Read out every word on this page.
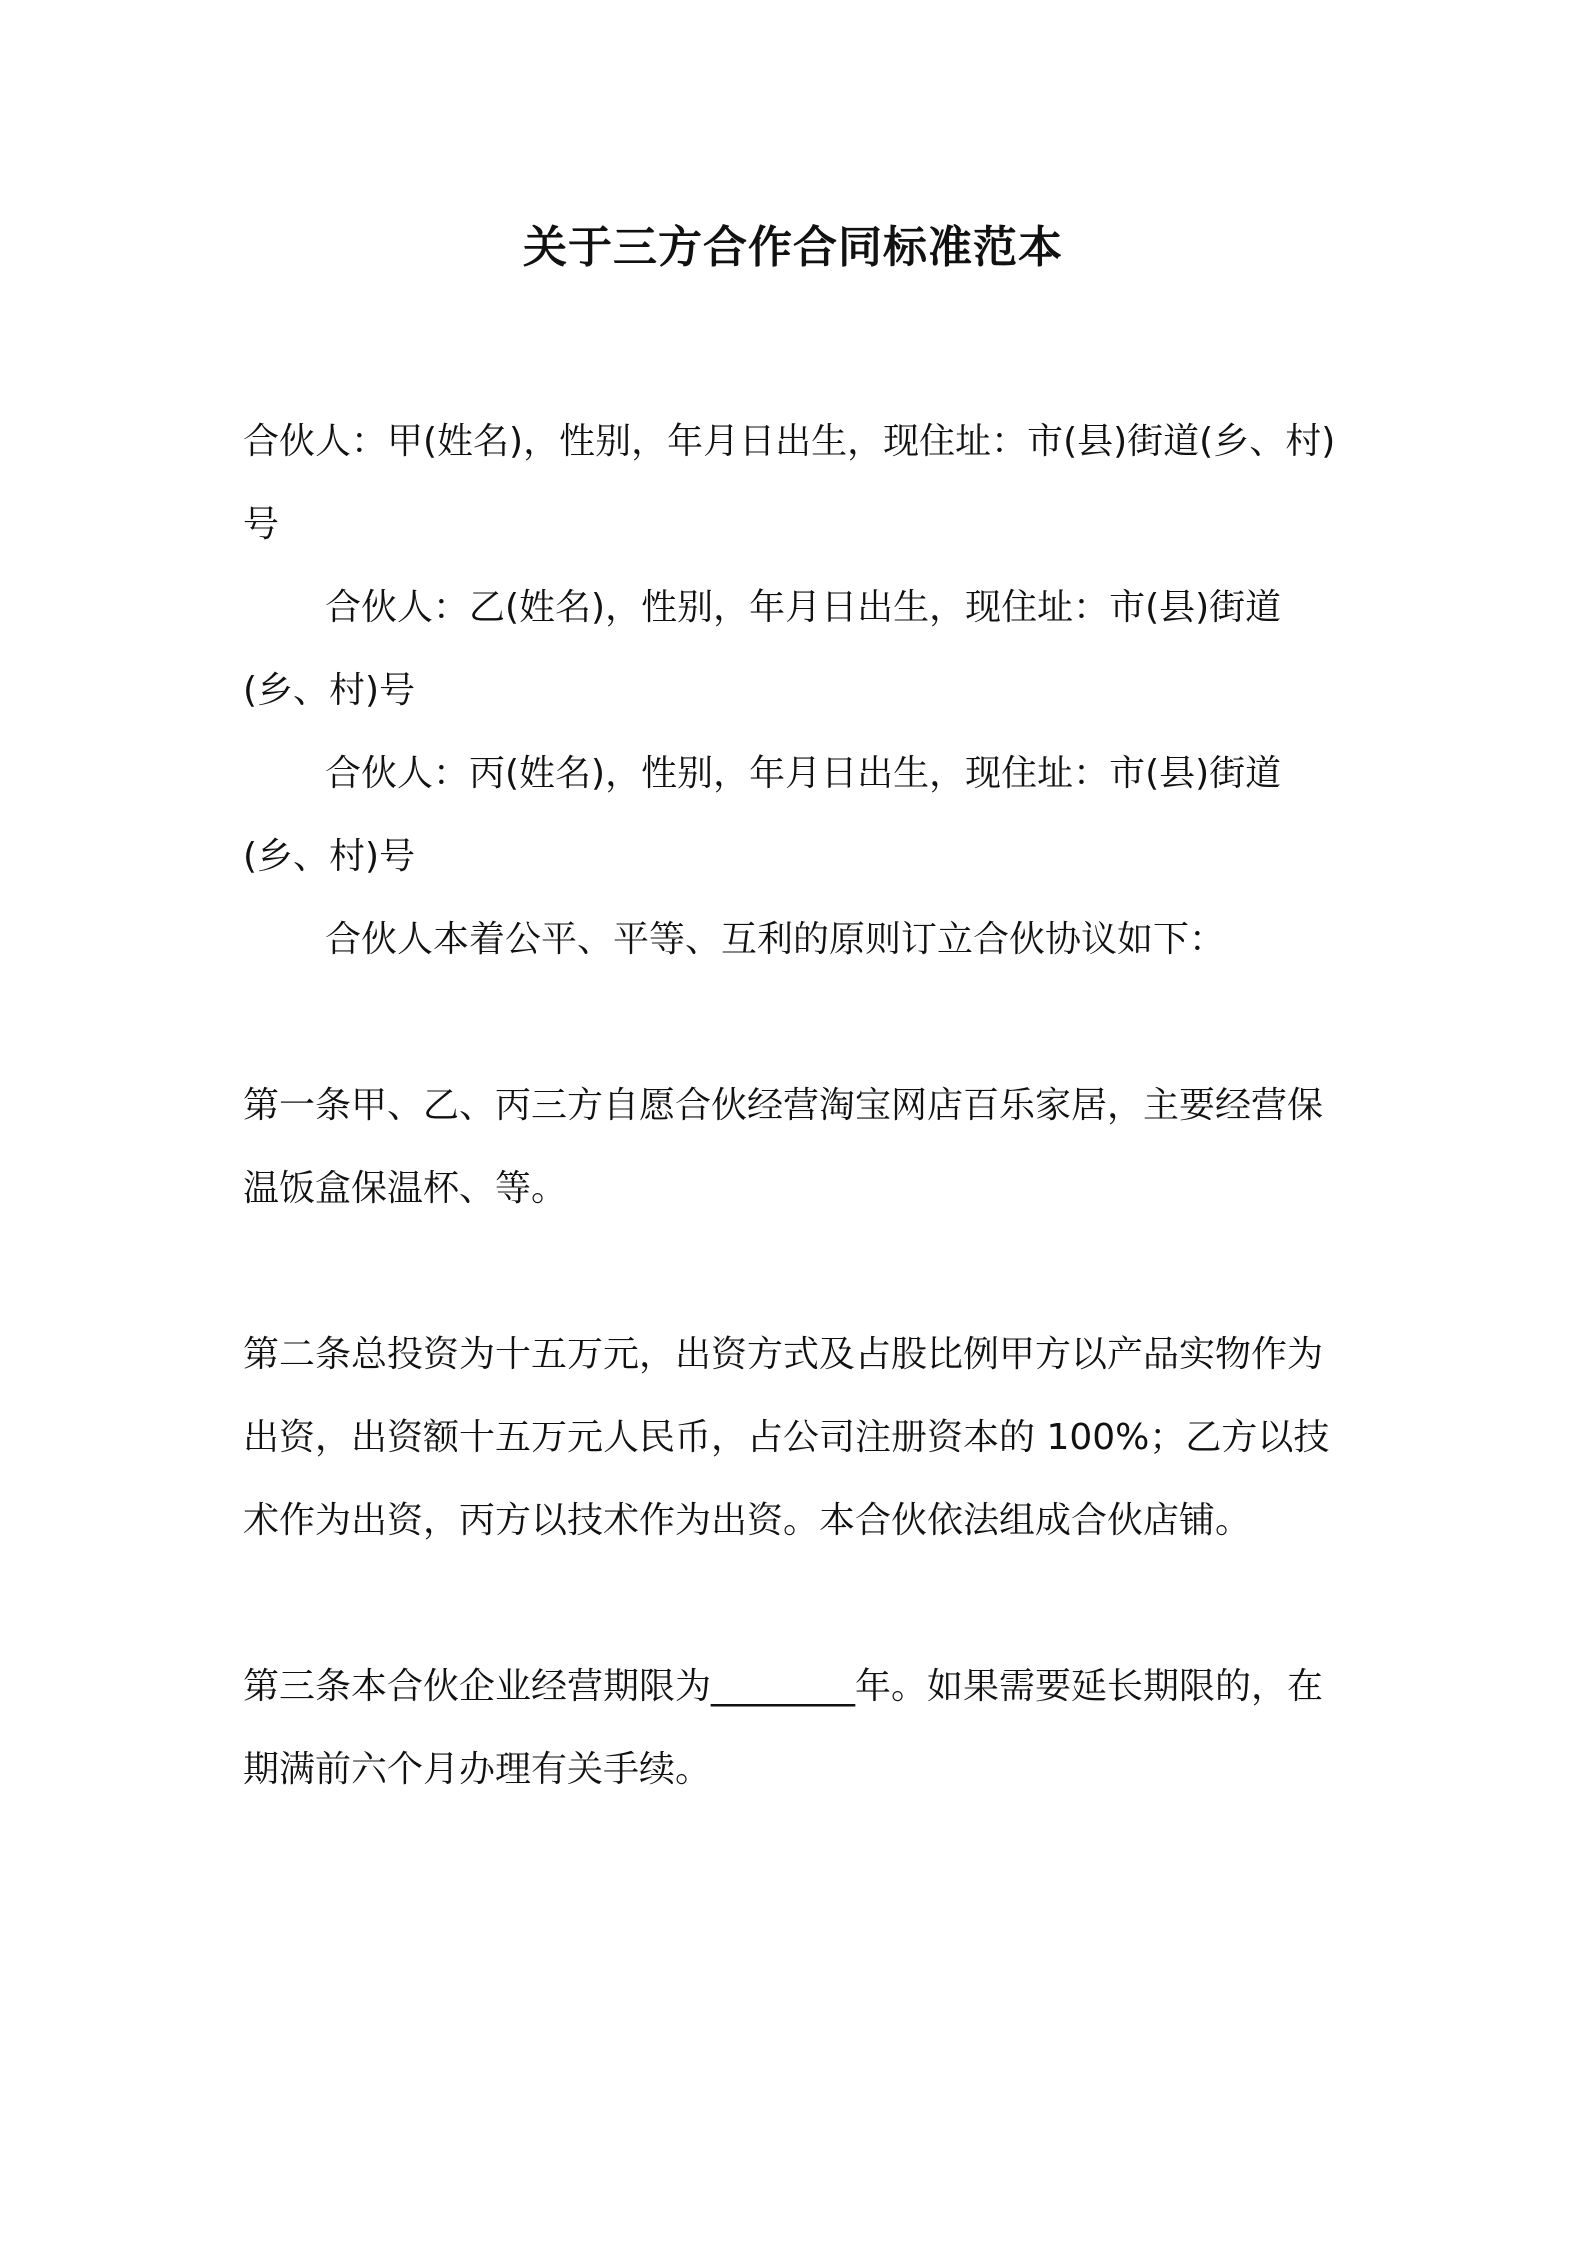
关于三方合作合同标准范本

合伙人：甲(姓名)，性别，年月日出生，现住址：市(县)街道(乡、村)号

合伙人：乙(姓名)，性别，年月日出生，现住址：市(县)街道(乡、村)号

合伙人：丙(姓名)，性别，年月日出生，现住址：市(县)街道(乡、村)号

合伙人本着公平、平等、互利的原则订立合伙协议如下：

第一条甲、乙、丙三方自愿合伙经营淘宝网店百乐家居，主要经营保温饭盒保温杯、等。

第二条总投资为十五万元，出资方式及占股比例甲方以产品实物作为出资，出资额十五万元人民币，占公司注册资本的 100%；乙方以技术作为出资，丙方以技术作为出资。本合伙依法组成合伙店铺。

第三条本合伙企业经营期限为________年。如果需要延长期限的，在期满前六个月办理有关手续。
